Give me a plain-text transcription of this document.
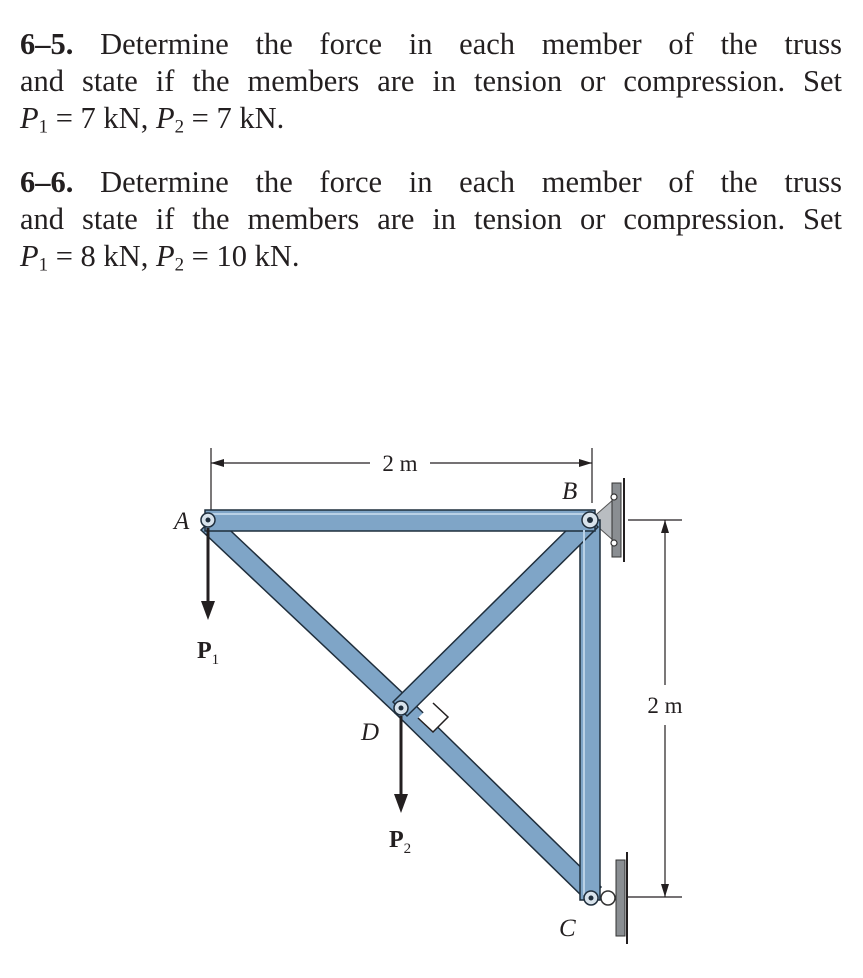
6–5. Determine the force in each member of the truss
and state if the members are in tension or compression. Set
$P_1 = 7$ kN, $P_2 = 7$ kN.
6–6. Determine the force in each member of the truss
and state if the members are in tension or compression. Set
$P_1 = 8$ kN, $P_2 = 10$ kN.
2 m
2 m
P1
P2
A
B
C
D
